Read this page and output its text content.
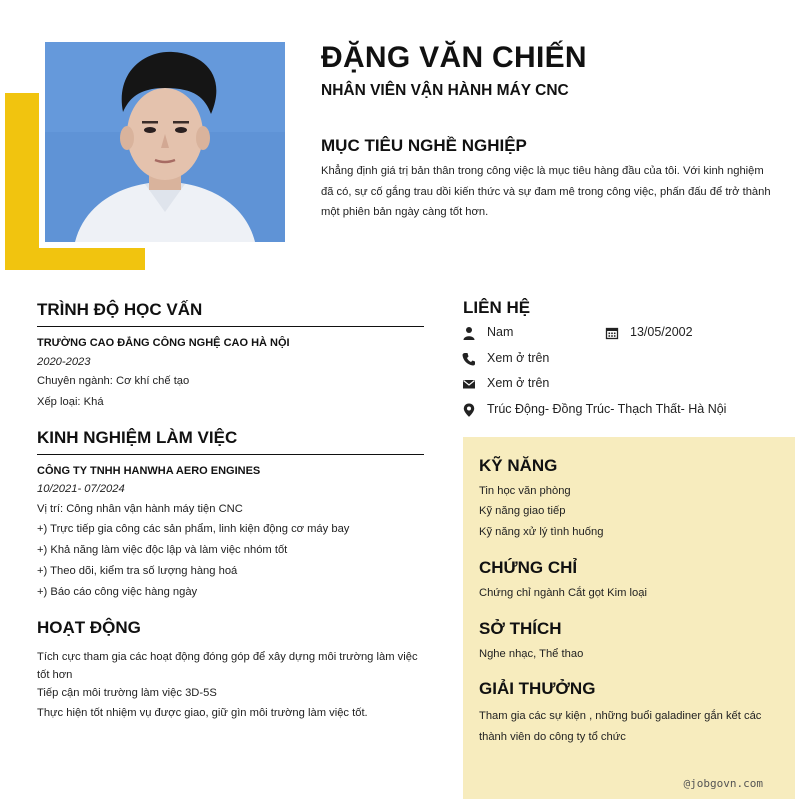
ĐẶNG VĂN CHIẾN
NHÂN VIÊN VẬN HÀNH MÁY CNC
MỤC TIÊU NGHỀ NGHIỆP
Khẳng định giá trị bản thân trong công việc là mục tiêu hàng đầu của tôi. Với kinh nghiệm đã có, sự cố gắng trau dồi kiến thức và sự đam mê trong công việc, phấn đấu để trở thành một phiên bản ngày càng tốt hơn.
TRÌNH ĐỘ HỌC VẤN
TRƯỜNG CAO ĐẲNG CÔNG NGHỆ CAO HÀ NỘI
2020-2023
Chuyên ngành: Cơ khí chế tạo
Xếp loại: Khá
KINH NGHIỆM LÀM VIỆC
CÔNG TY TNHH HANWHA AERO ENGINES
10/2021- 07/2024
Vị trí: Công nhân vận hành máy tiện CNC
+) Trực tiếp gia công các sản phẩm, linh kiện động cơ máy bay
+) Khả năng làm việc độc lập và làm việc nhóm tốt
+) Theo dõi, kiểm tra số lượng hàng hoá
+) Báo cáo công việc hàng ngày
HOẠT ĐỘNG
Tích cực tham gia các hoạt động đóng góp để xây dựng môi trường làm việc tốt hơn
Tiếp cận môi trường làm việc 3D-5S
Thực hiện tốt nhiệm vụ được giao, giữ gìn môi trường làm việc tốt.
LIÊN HỆ
Nam	13/05/2002
Xem ở trên
Xem ở trên
Trúc Động- Đồng Trúc- Thạch Thất- Hà Nội
KỸ NĂNG
Tin học văn phòng
Kỹ năng giao tiếp
Kỹ năng xử lý tình huống
CHỨNG CHỈ
Chứng chỉ ngành Cắt gọt Kim loại
SỞ THÍCH
Nghe nhạc, Thể thao
GIẢI THƯỞNG
Tham gia các sự kiện , những buổi galadiner gắn kết các thành viên do công ty tổ chức
@jobgovn.com
